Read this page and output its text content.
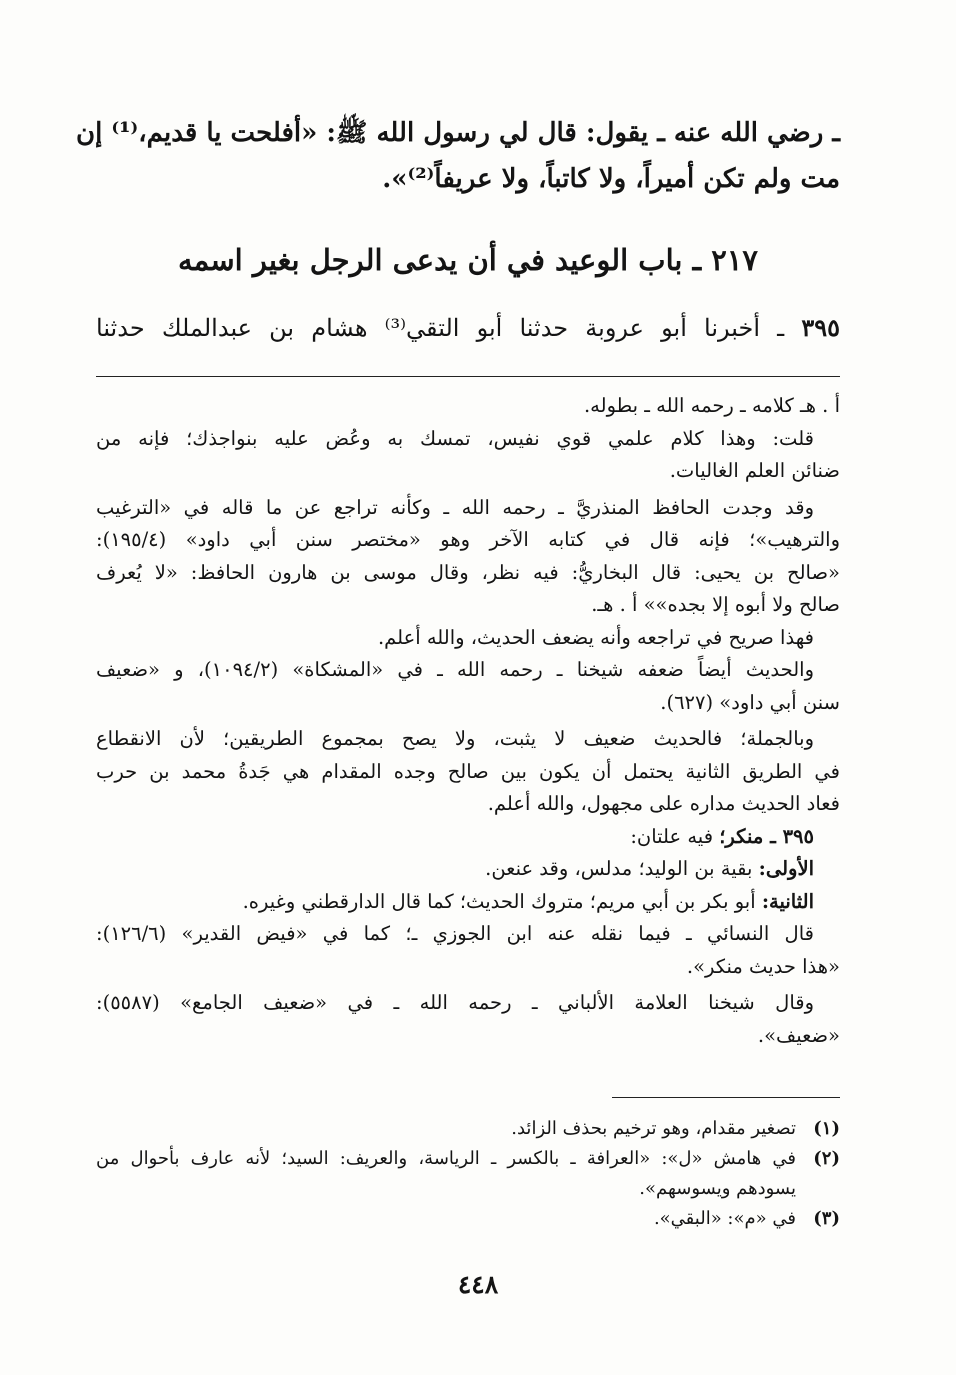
ـ رضي الله عنه ـ يقول: قال لي رسول الله ﷺ: «أفلحت يا قديم،⁽¹⁾ إن
مت ولم تكن أميراً، ولا كاتباً، ولا عريفاً⁽²⁾».
٢١٧ ـ باب الوعيد في أن يدعى الرجل بغير اسمه
٣٩٥ ـ أخبرنا أبو عروبة حدثنا أبو التقي⁽³⁾ هشام بن عبدالملك حدثنا
أ . هـ كلامه ـ رحمه الله ـ بطوله.
قلت: وهذا كلام علمي قوي نفيس، تمسك به وعُض عليه بنواجذك؛ فإنه من
ضنائن العلم الغاليات.
وقد وجدت الحافظ المنذريَّ ـ رحمه الله ـ وكأنه تراجع عن ما قاله في «الترغيب
والترهيب»؛ فإنه قال في كتابه الآخر وهو «مختصر سنن أبي داود» (١٩٥/٤):
«صالح بن يحيى: قال البخاريُّ: فيه نظر، وقال موسى بن هارون الحافظ: «لا يُعرف
صالح ولا أبوه إلا بجده»» أ . هـ.
فهذا صريح في تراجعه وأنه يضعف الحديث، والله أعلم.
والحديث أيضاً ضعفه شيخنا ـ رحمه الله ـ في «المشكاة» (١٠٩٤/٢)، و «ضعيف
سنن أبي داود» (٦٢٧).
وبالجملة؛ فالحديث ضعيف لا يثبت، ولا يصح بمجموع الطريقين؛ لأن الانقطاع
في الطريق الثانية يحتمل أن يكون بين صالح وجده المقدام هي جَدةُ محمد بن حرب
فعاد الحديث مداره على مجهول، والله أعلم.
٣٩٥ ـ منكر؛ فيه علتان:
الأولى: بقية بن الوليد؛ مدلس، وقد عنعن.
الثانية: أبو بكر بن أبي مريم؛ متروك الحديث؛ كما قال الدارقطني وغيره.
قال النسائي ـ فيما نقله عنه ابن الجوزي ـ؛ كما في «فيض القدير» (١٢٦/٦):
«هذا حديث منكر».
وقال شيخنا العلامة الألباني ـ رحمه الله ـ في «ضعيف الجامع» (٥٥٨٧):
«ضعيف».
(١)
تصغير مقدام، وهو ترخيم بحذف الزائد.
(٢)
في هامش «ل»: «العرافة ـ بالكسر ـ الرياسة، والعريف: السيد؛ لأنه عارف بأحوال من
يسودهم ويسوسهم».
(٣)
في «م»: «البقي».
٤٤٨
